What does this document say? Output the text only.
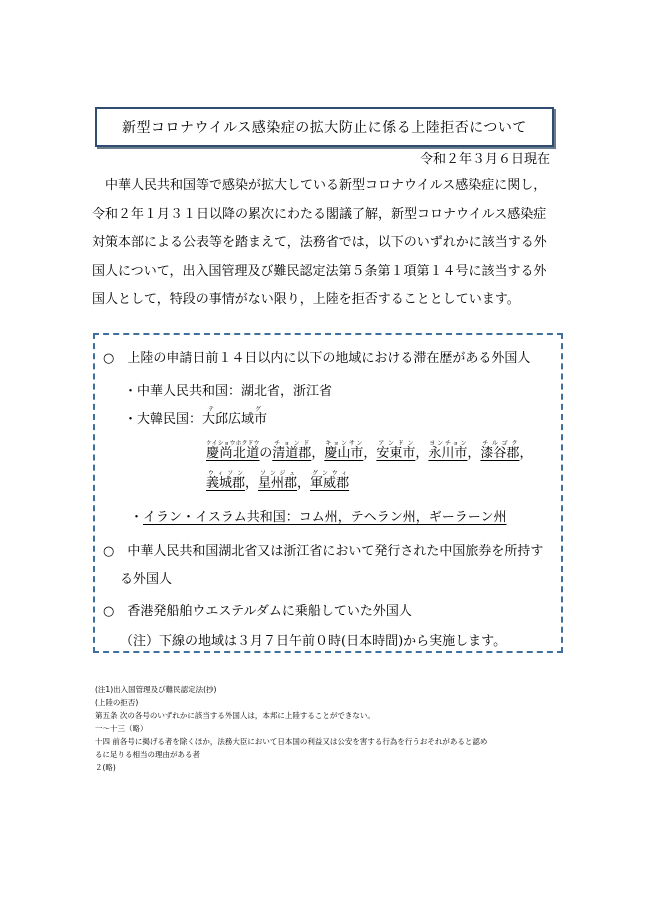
新型コロナウイルス感染症の拡大防止に係る上陸拒否について
令和２年３月６日現在

中華人民共和国等で感染が拡大している新型コロナウイルス感染症に関し，

令和２年１月３１日以降の累次にわたる閣議了解，新型コロナウイルス感染症

対策本部による公表等を踏まえて，法務省では，以下のいずれかに該当する外

国人について，出入国管理及び難民認定法第５条第１項第１４号に該当する外

国人として，特段の事情がない限り，上陸を拒否することとしています。

○　上陸の申請日前１４日以内に以下の地域における滞在歴がある外国人
・中華人民共和国：湖北省，浙江省
・大韓民国：大邱広域市テグ
慶尚北道ケイショウホクドウの清道郡チョンド，慶山市キョンサン，安東市アンドン，永川市ヨンチョン，漆谷郡チルゴク，
義城郡ウィソン，星州郡ソンジュ，軍威郡グンウィ
・イラン・イスラム共和国：コム州，テヘラン州，ギーラーン州
○　中華人民共和国湖北省又は浙江省において発行された中国旅券を所持す
る外国人
○　香港発船舶ウエステルダムに乗船していた外国人
（注）下線の地域は３月７日午前０時(日本時間)から実施します。
(注1)出入国管理及び難民認定法(抄)
(上陸の拒否)
第五条 次の各号のいずれかに該当する外国人は，本邦に上陸することができない。
一～十三（略）
十四 前各号に掲げる者を除くほか，法務大臣において日本国の利益又は公安を害する行為を行うおそれがあると認め
るに足りる相当の理由がある者
２(略)
